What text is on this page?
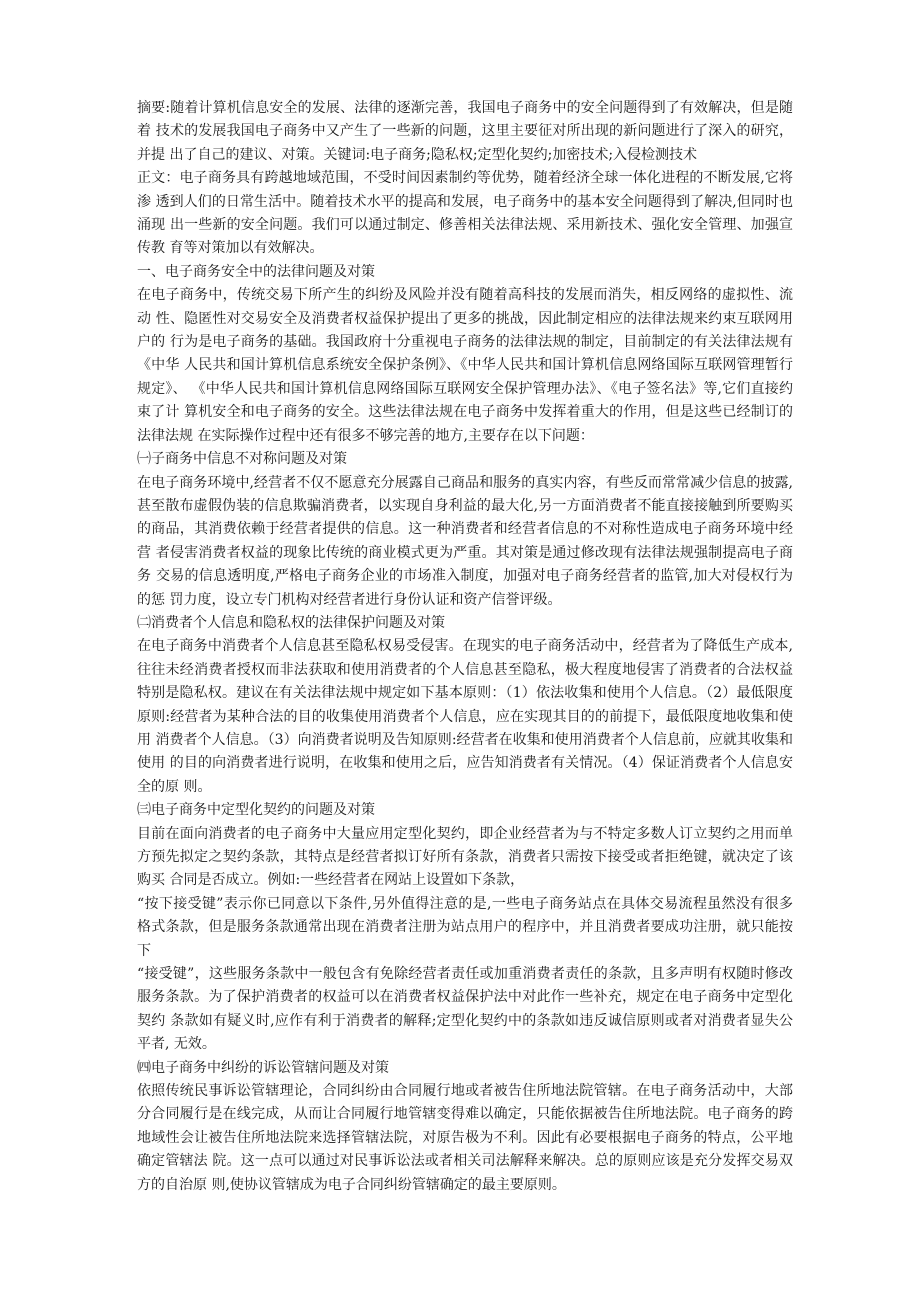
摘要:随着计算机信息安全的发展、法律的逐渐完善，我国电子商务中的安全问题得到了有效解决，但是随着 技术的发展我国电子商务中又产生了一些新的问题，这里主要征对所出现的新问题进行了深入的研究，并提 出了自己的建议、对策。关键词:电子商务;隐私权;定型化契约;加密技术;入侵检测技术

正文：电子商务具有跨越地域范围，不受时间因素制约等优势，随着经济全球一体化进程的不断发展,它将渗 透到人们的日常生活中。随着技术水平的提高和发展，电子商务中的基本安全问题得到了解决,但同时也涌现 出一些新的安全问题。我们可以通过制定、修善相关法律法规、采用新技术、强化安全管理、加强宣传教 育等对策加以有效解决。

一、电子商务安全中的法律问题及对策

在电子商务中，传统交易下所产生的纠纷及风险并没有随着高科技的发展而消失，相反网络的虚拟性、流动 性、隐匿性对交易安全及消费者权益保护提出了更多的挑战，因此制定相应的法律法规来约束互联网用户的 行为是电子商务的基础。我国政府十分重视电子商务的法律法规的制定，目前制定的有关法律法规有《中华 人民共和国计算机信息系统安全保护条例》、《中华人民共和国计算机信息网络国际互联网管理暂行规定》、 《中华人民共和国计算机信息网络国际互联网安全保护管理办法》、《电子签名法》等,它们直接约束了计 算机安全和电子商务的安全。这些法律法规在电子商务中发挥着重大的作用，但是这些已经制订的法律法规 在实际操作过程中还有很多不够完善的地方,主要存在以下问题：

㈠子商务中信息不对称问题及对策

在电子商务环境中,经营者不仅不愿意充分展露自己商品和服务的真实内容，有些反而常常减少信息的披露, 甚至散布虚假伪装的信息欺骗消费者，以实现自身利益的最大化,另一方面消费者不能直接接触到所要购买 的商品，其消费依赖于经营者提供的信息。这一种消费者和经营者信息的不对称性造成电子商务环境中经营 者侵害消费者权益的现象比传统的商业模式更为严重。其对策是通过修改现有法律法规强制提高电子商务 交易的信息透明度,严格电子商务企业的市场准入制度，加强对电子商务经营者的监管,加大对侵权行为的惩 罚力度，设立专门机构对经营者进行身份认证和资产信誉评级。

㈡消费者个人信息和隐私权的法律保护问题及对策

在电子商务中消费者个人信息甚至隐私权易受侵害。在现实的电子商务活动中，经营者为了降低生产成本, 往往未经消费者授权而非法获取和使用消费者的个人信息甚至隐私，极大程度地侵害了消费者的合法权益 特别是隐私权。建议在有关法律法规中规定如下基本原则：（1）依法收集和使用个人信息。（2）最低限度 原则:经营者为某种合法的目的收集使用消费者个人信息，应在实现其目的的前提下，最低限度地收集和使用 消费者个人信息。（3）向消费者说明及告知原则:经营者在收集和使用消费者个人信息前，应就其收集和使用 的目的向消费者进行说明，在收集和使用之后，应告知消费者有关情况。（4）保证消费者个人信息安全的原 则。

㈢电子商务中定型化契约的问题及对策

目前在面向消费者的电子商务中大量应用定型化契约，即企业经营者为与不特定多数人订立契约之用而单 方预先拟定之契约条款，其特点是经营者拟订好所有条款，消费者只需按下接受或者拒绝键，就决定了该购买 合同是否成立。例如:一些经营者在网站上设置如下条款，

“按下接受键”表示你已同意以下条件,另外值得注意的是,一些电子商务站点在具体交易流程虽然没有很多 格式条款，但是服务条款通常出现在消费者注册为站点用户的程序中，并且消费者要成功注册，就只能按下

“接受键”，这些服务条款中一般包含有免除经营者责任或加重消费者责任的条款，且多声明有权随时修改服务条款。为了保护消费者的权益可以在消费者权益保护法中对此作一些补充，规定在电子商务中定型化契约 条款如有疑义时,应作有利于消费者的解释;定型化契约中的条款如违反诚信原则或者对消费者显失公平者, 无效。

㈣电子商务中纠纷的诉讼管辖问题及对策

依照传统民事诉讼管辖理论，合同纠纷由合同履行地或者被告住所地法院管辖。在电子商务活动中，大部分合同履行是在线完成，从而让合同履行地管辖变得难以确定，只能依据被告住所地法院。电子商务的跨地域性会让被告住所地法院来选择管辖法院，对原告极为不利。因此有必要根据电子商务的特点，公平地确定管辖法 院。这一点可以通过对民事诉讼法或者相关司法解释来解决。总的原则应该是充分发挥交易双方的自治原 则,使协议管辖成为电子合同纠纷管辖确定的最主要原则。
